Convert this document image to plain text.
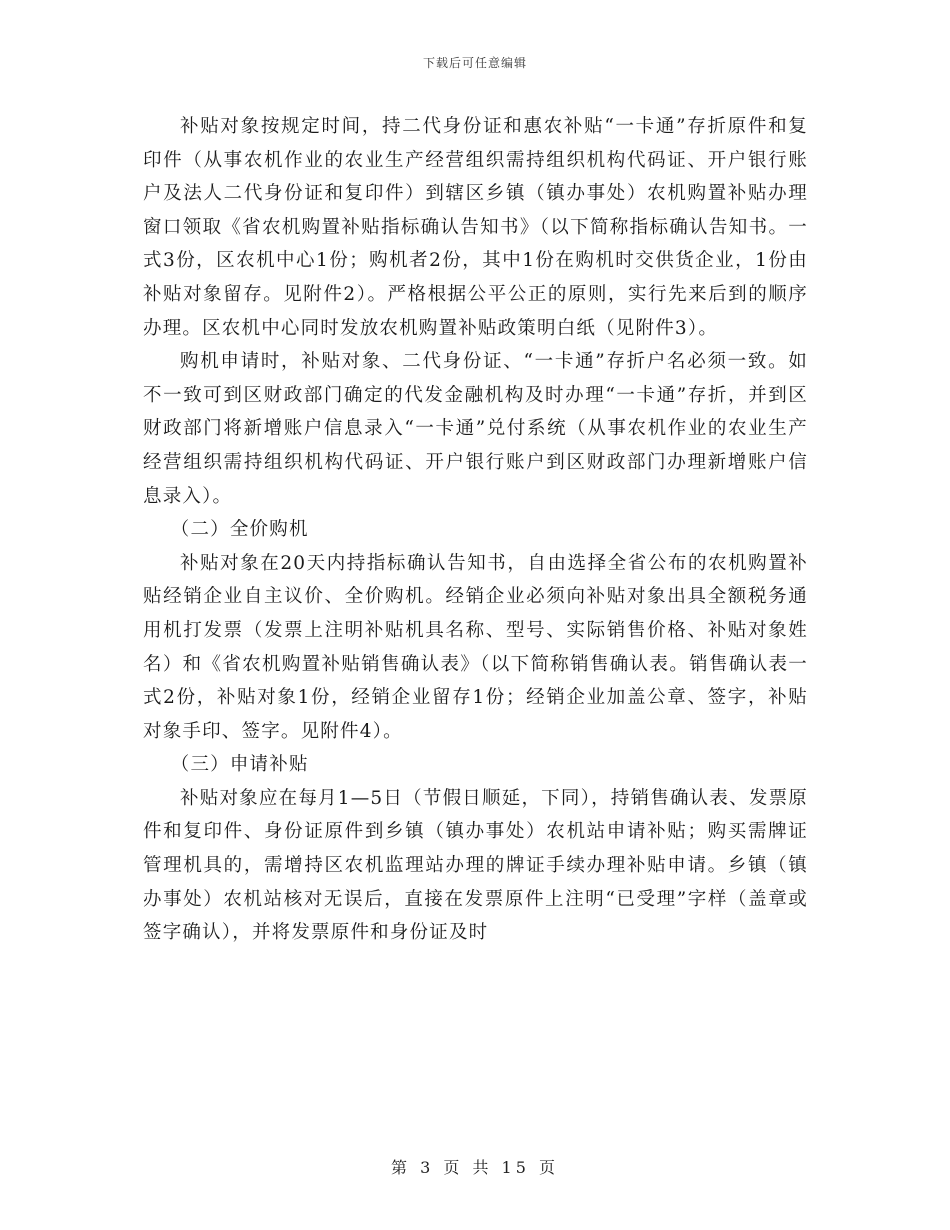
下载后可任意编辑

补贴对象按规定时间，持二代身份证和惠农补贴“一卡通”存折原件和复印件（从事农机作业的农业生产经营组织需持组织机构代码证、开户银行账户及法人二代身份证和复印件）到辖区乡镇（镇办事处）农机购置补贴办理窗口领取《省农机购置补贴指标确认告知书》（以下简称指标确认告知书。一式3份，区农机中心1份；购机者2份，其中1份在购机时交供货企业，1份由补贴对象留存。见附件2）。严格根据公平公正的原则，实行先来后到的顺序办理。区农机中心同时发放农机购置补贴政策明白纸（见附件3）。

购机申请时，补贴对象、二代身份证、“一卡通”存折户名必须一致。如不一致可到区财政部门确定的代发金融机构及时办理“一卡通”存折，并到区财政部门将新增账户信息录入“一卡通”兑付系统（从事农机作业的农业生产经营组织需持组织机构代码证、开户银行账户到区财政部门办理新增账户信息录入）。

（二）全价购机

补贴对象在20天内持指标确认告知书，自由选择全省公布的农机购置补贴经销企业自主议价、全价购机。经销企业必须向补贴对象出具全额税务通用机打发票（发票上注明补贴机具名称、型号、实际销售价格、补贴对象姓名）和《省农机购置补贴销售确认表》（以下简称销售确认表。销售确认表一式2份，补贴对象1份，经销企业留存1份；经销企业加盖公章、签字，补贴对象手印、签字。见附件4）。

（三）申请补贴

补贴对象应在每月1—5日（节假日顺延，下同），持销售确认表、发票原件和复印件、身份证原件到乡镇（镇办事处）农机站申请补贴；购买需牌证管理机具的，需增持区农机监理站办理的牌证手续办理补贴申请。乡镇（镇办事处）农机站核对无误后，直接在发票原件上注明“已受理”字样（盖章或签字确认），并将发票原件和身份证及时

第 3 页 共 15 页
